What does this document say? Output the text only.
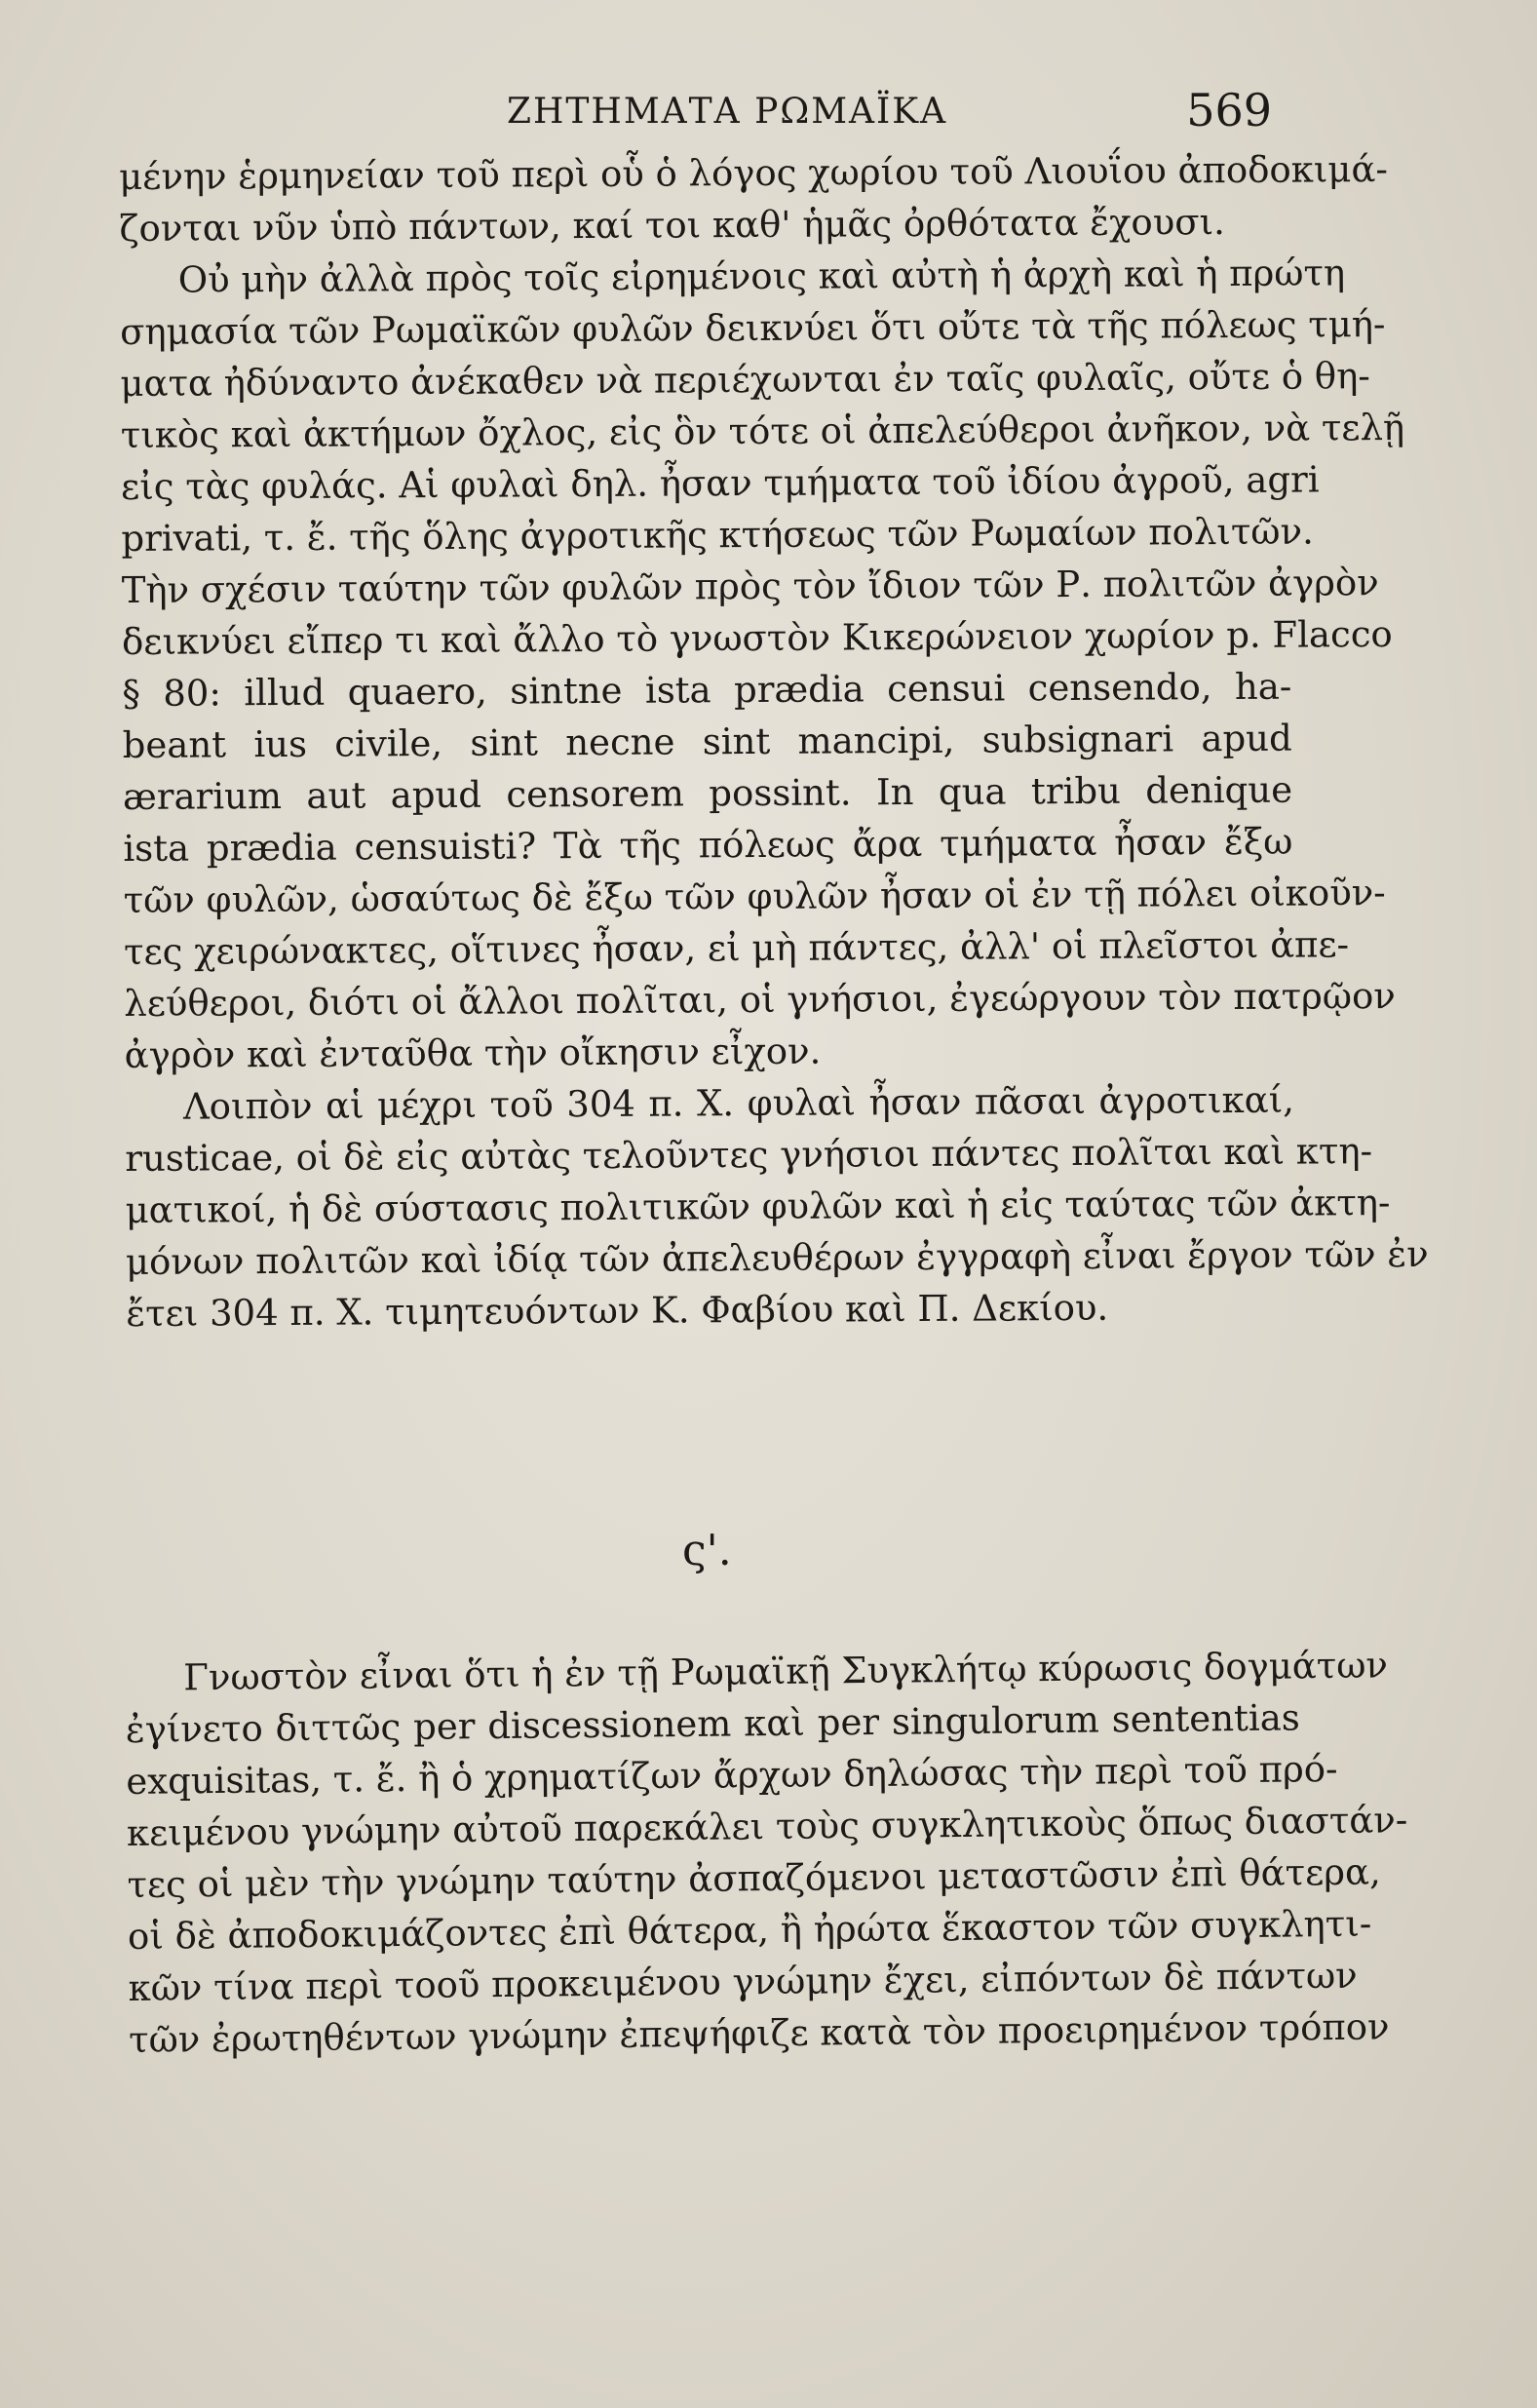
ΖΗΤΗΜΑΤΑ ΡΩΜΑΪΚΑ	569
μένην ἑρμηνείαν τοῦ περὶ οὗ ὁ λόγος χωρίου τοῦ Λιουΐου ἀποδοκιμά-
ζονται νῦν ὑπὸ πάντων, καί τοι καθ' ἡμᾶς ὀρθότατα ἔχουσι.
Οὐ μὴν ἀλλὰ πρὸς τοῖς εἰρημένοις καὶ αὐτὴ ἡ ἀρχὴ καὶ ἡ πρώτη
σημασία τῶν Ρωμαϊκῶν φυλῶν δεικνύει ὅτι οὔτε τὰ τῆς πόλεως τμή-
ματα ἠδύναντο ἀνέκαθεν νὰ περιέχωνται ἐν ταῖς φυλαῖς, οὔτε ὁ θη-
τικὸς καὶ ἀκτήμων ὄχλος, εἰς ὃν τότε οἱ ἀπελεύθεροι ἀνῆκον, νὰ τελῇ
εἰς τὰς φυλάς. Αἱ φυλαὶ δηλ. ἦσαν τμήματα τοῦ ἰδίου ἀγροῦ, agri
privati, τ. ἔ. τῆς ὅλης ἀγροτικῆς κτήσεως τῶν Ρωμαίων πολιτῶν.
Τὴν σχέσιν ταύτην τῶν φυλῶν πρὸς τὸν ἴδιον τῶν Ρ. πολιτῶν ἀγρὸν
δεικνύει εἴπερ τι καὶ ἄλλο τὸ γνωστὸν Κικερώνειον χωρίον p. Flacco
§ 80: illud quaero, sintne ista prædia censui censendo, ha-
beant ius civile, sint necne sint mancipi, subsignari apud
ærarium aut apud censorem possint. In qua tribu denique
ista prædia censuisti? Τὰ τῆς πόλεως ἄρα τμήματα ἦσαν ἔξω
τῶν φυλῶν, ὡσαύτως δὲ ἔξω τῶν φυλῶν ἦσαν οἱ ἐν τῇ πόλει οἰκοῦν-
τες χειρώνακτες, οἵτινες ἦσαν, εἰ μὴ πάντες, ἀλλ' οἱ πλεῖστοι ἀπε-
λεύθεροι, διότι οἱ ἄλλοι πολῖται, οἱ γνήσιοι, ἐγεώργουν τὸν πατρῷον
ἀγρὸν καὶ ἐνταῦθα τὴν οἴκησιν εἶχον.
Λοιπὸν αἱ μέχρι τοῦ 304 π. Χ. φυλαὶ ἦσαν πᾶσαι ἀγροτικαί,
rusticae, οἱ δὲ εἰς αὐτὰς τελοῦντες γνήσιοι πάντες πολῖται καὶ κτη-
ματικοί, ἡ δὲ σύστασις πολιτικῶν φυλῶν καὶ ἡ εἰς ταύτας τῶν ἀκτη-
μόνων πολιτῶν καὶ ἰδίᾳ τῶν ἀπελευθέρων ἐγγραφὴ εἶναι ἔργον τῶν ἐν
ἔτει 304 π. Χ. τιμητευόντων Κ. Φαβίου καὶ Π. Δεκίου.
ς'.
Γνωστὸν εἶναι ὅτι ἡ ἐν τῇ Ρωμαϊκῇ Συγκλήτῳ κύρωσις δογμάτων
ἐγίνετο διττῶς per discessionem καὶ per singulorum sententias
exquisitas, τ. ἔ. ἢ ὁ χρηματίζων ἄρχων δηλώσας τὴν περὶ τοῦ πρό-
κειμένου γνώμην αὐτοῦ παρεκάλει τοὺς συγκλητικοὺς ὅπως διαστάν-
τες οἱ μὲν τὴν γνώμην ταύτην ἀσπαζόμενοι μεταστῶσιν ἐπὶ θάτερα,
οἱ δὲ ἀποδοκιμάζοντες ἐπὶ θάτερα, ἢ ἠρώτα ἕκαστον τῶν συγκλητι-
κῶν τίνα περὶ τοοῦ προκειμένου γνώμην ἔχει, εἰπόντων δὲ πάντων
τῶν ἐρωτηθέντων γνώμην ἐπεψήφιζε κατὰ τὸν προειρημένον τρόπον
